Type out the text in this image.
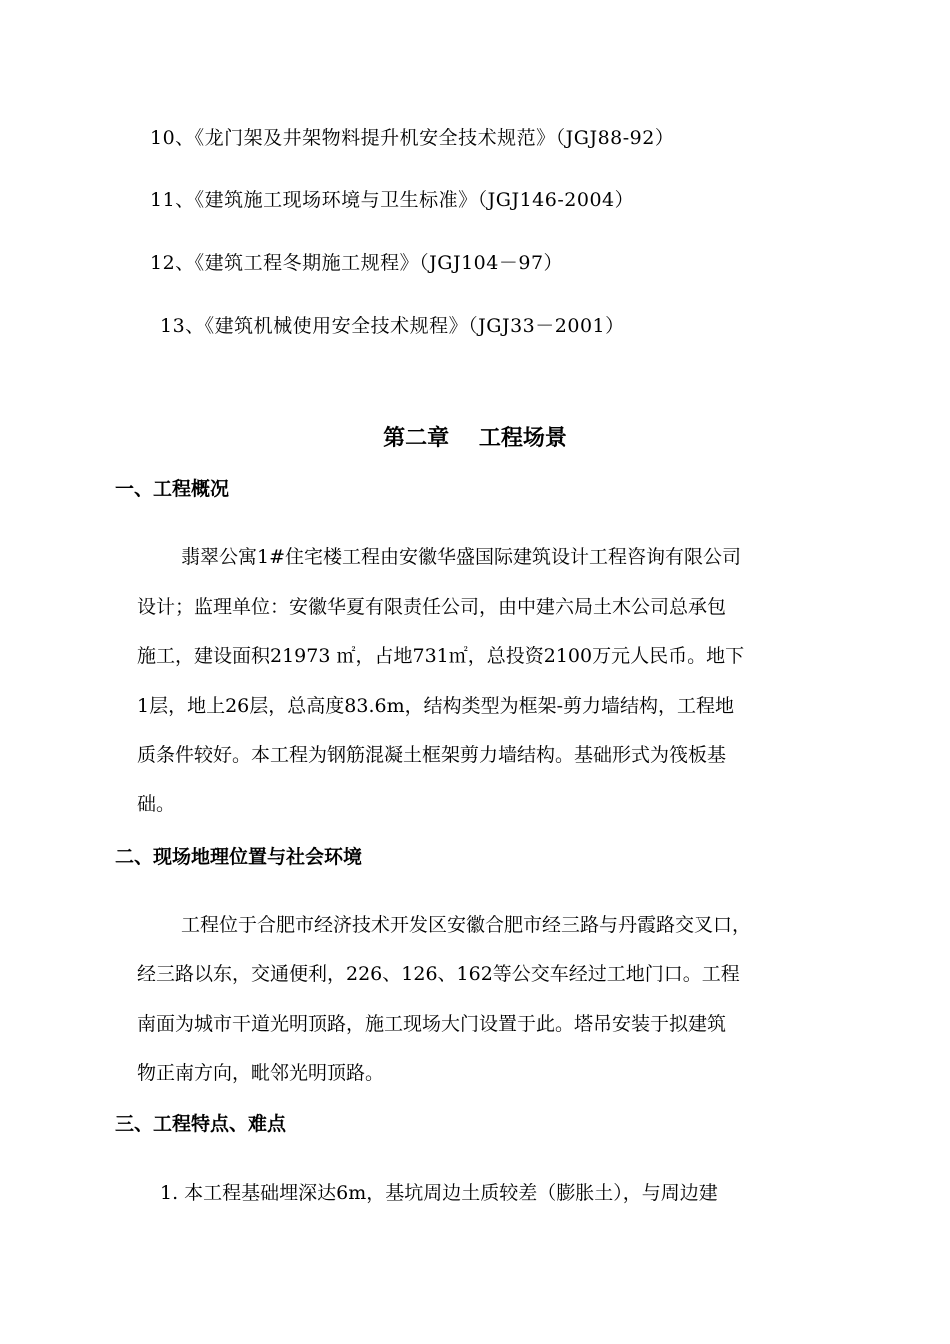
10、《龙门架及井架物料提升机安全技术规范》（JGJ88-92）
11、《建筑施工现场环境与卫生标准》（JGJ146-2004）
12、《建筑工程冬期施工规程》（JGJ104－97）
13、《建筑机械使用安全技术规程》（JGJ33－2001）
第二章　 工程场景
一、工程概况
翡翠公寓1#住宅楼工程由安徽华盛国际建筑设计工程咨询有限公司
设计；监理单位：安徽华夏有限责任公司，由中建六局土木公司总承包
施工，建设面积21973 ㎡，占地731㎡，总投资2100万元人民币。地下
1层，地上26层，总高度83.6m，结构类型为框架-剪力墙结构，工程地
质条件较好。本工程为钢筋混凝土框架剪力墙结构。基础形式为筏板基
础。
二、现场地理位置与社会环境
工程位于合肥市经济技术开发区安徽合肥市经三路与丹霞路交叉口，
经三路以东，交通便利，226、126、162等公交车经过工地门口。工程
南面为城市干道光明顶路，施工现场大门设置于此。塔吊安装于拟建筑
物正南方向，毗邻光明顶路。
三、工程特点、难点
1. 本工程基础埋深达6m，基坑周边土质较差（膨胀土），与周边建
